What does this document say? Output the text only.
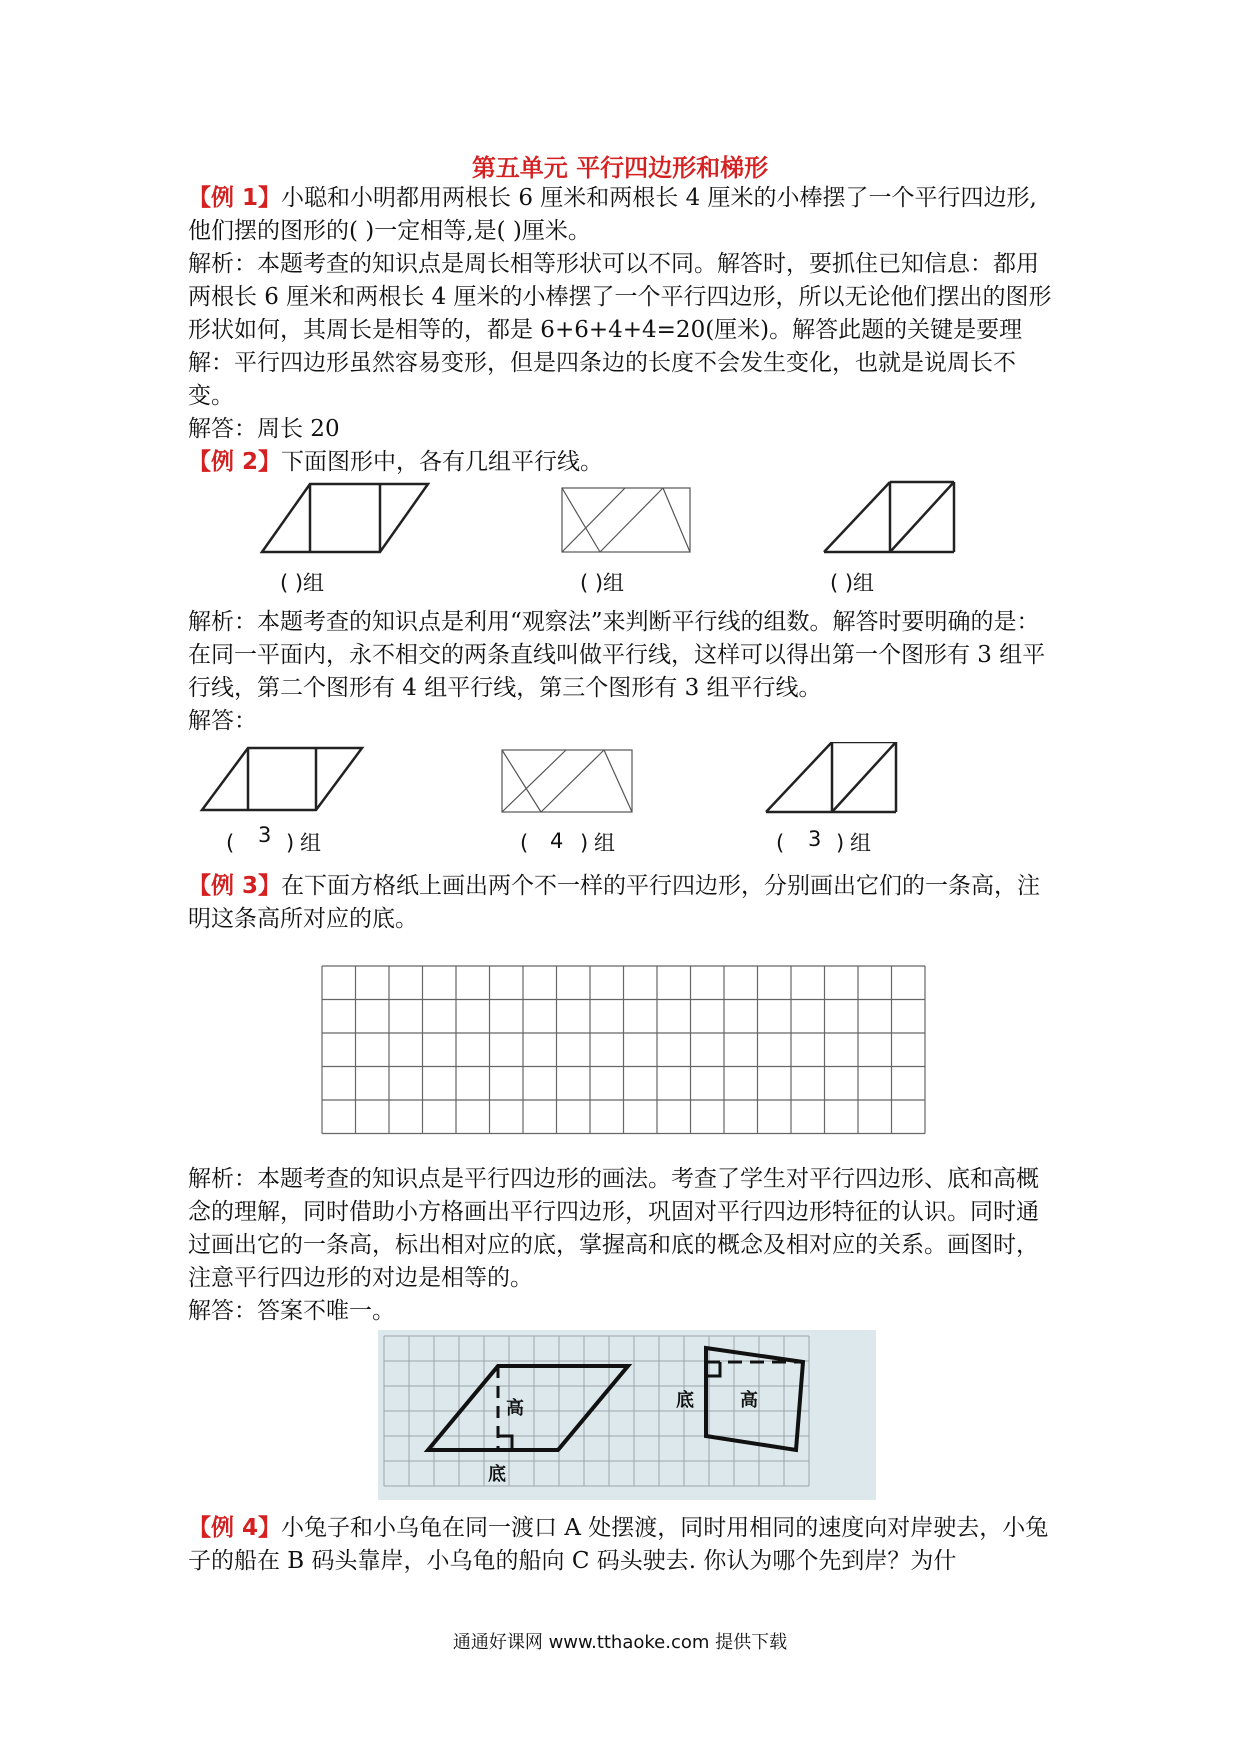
第五单元 平行四边形和梯形

【例 1】小聪和小明都用两根长 6 厘米和两根长 4 厘米的小棒摆了一个平行四边形,他们摆的图形的( )一定相等,是( )厘米。

解析：本题考查的知识点是周长相等形状可以不同。解答时，要抓住已知信息：都用两根长 6 厘米和两根长 4 厘米的小棒摆了一个平行四边形，所以无论他们摆出的图形形状如何，其周长是相等的，都是 6+6+4+4=20(厘米)。解答此题的关键是要理解：平行四边形虽然容易变形，但是四条边的长度不会发生变化，也就是说周长不变。

解答：周长 20

【例 2】下面图形中，各有几组平行线。

( )组	( )组	( )组

解析：本题考查的知识点是利用“观察法”来判断平行线的组数。解答时要明确的是：在同一平面内，永不相交的两条直线叫做平行线，这样可以得出第一个图形有 3 组平行线，第二个图形有 4 组平行线，第三个图形有 3 组平行线。

解答：

( 3 ) 组	( 4 ) 组	( 3 ) 组

【例 3】在下面方格纸上画出两个不一样的平行四边形，分别画出它们的一条高，注明这条高所对应的底。

解析：本题考查的知识点是平行四边形的画法。考查了学生对平行四边形、底和高概念的理解，同时借助小方格画出平行四边形，巩固对平行四边形特征的认识。同时通过画出它的一条高，标出相对应的底，掌握高和底的概念及相对应的关系。画图时，注意平行四边形的对边是相等的。

解答：答案不唯一。

高
底
底	高

【例 4】小兔子和小乌龟在同一渡口 A 处摆渡，同时用相同的速度向对岸驶去，小兔子的船在 B 码头靠岸，小乌龟的船向 C 码头驶去. 你认为哪个先到岸？为什

通通好课网 www.tthaoke.com 提供下载
